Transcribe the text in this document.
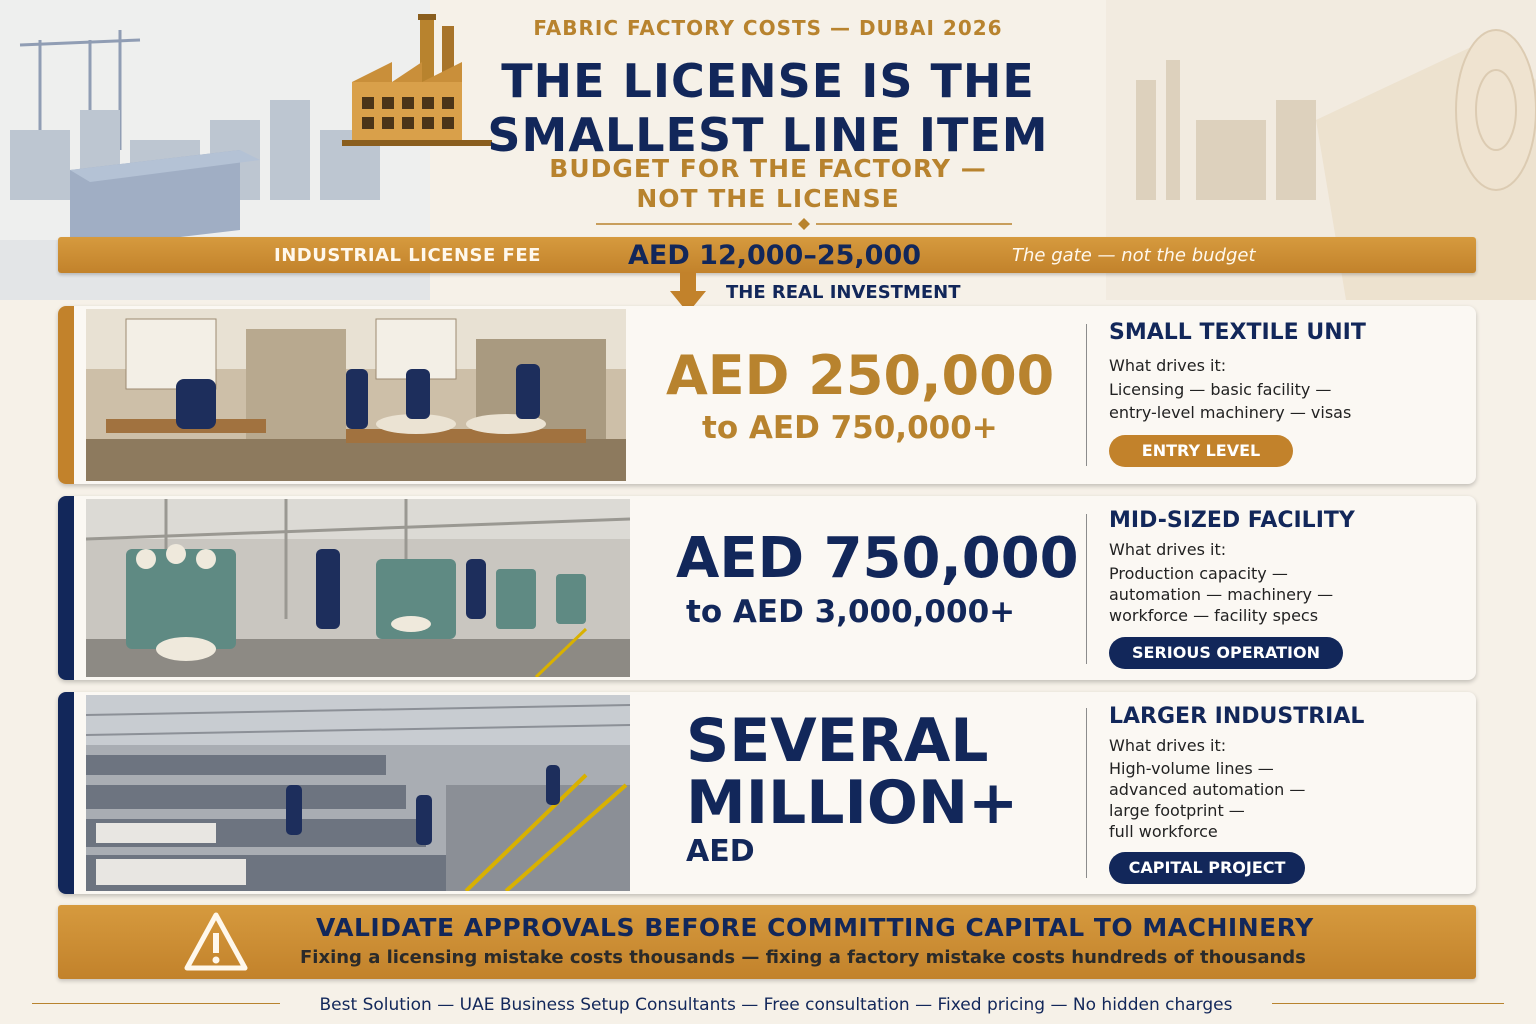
FABRIC FACTORY COSTS — DUBAI 2026
THE LICENSE IS THE
SMALLEST LINE ITEM
BUDGET FOR THE FACTORY —
NOT THE LICENSE
INDUSTRIAL LICENSE FEE	AED 12,000–25,000	The gate — not the budget
THE REAL INVESTMENT
AED 250,000
to AED 750,000+
SMALL TEXTILE UNIT
What drives it:
Licensing — basic facility —
entry-level machinery — visas
ENTRY LEVEL
AED 750,000
to AED 3,000,000+
MID-SIZED FACILITY
What drives it:
Production capacity —
automation — machinery —
workforce — facility specs
SERIOUS OPERATION
SEVERAL
MILLION+
AED
LARGER INDUSTRIAL
What drives it:
High-volume lines —
advanced automation —
large footprint —
full workforce
CAPITAL PROJECT
VALIDATE APPROVALS BEFORE COMMITTING CAPITAL TO MACHINERY
Fixing a licensing mistake costs thousands — fixing a factory mistake costs hundreds of thousands
Best Solution — UAE Business Setup Consultants — Free consultation — Fixed pricing — No hidden charges
